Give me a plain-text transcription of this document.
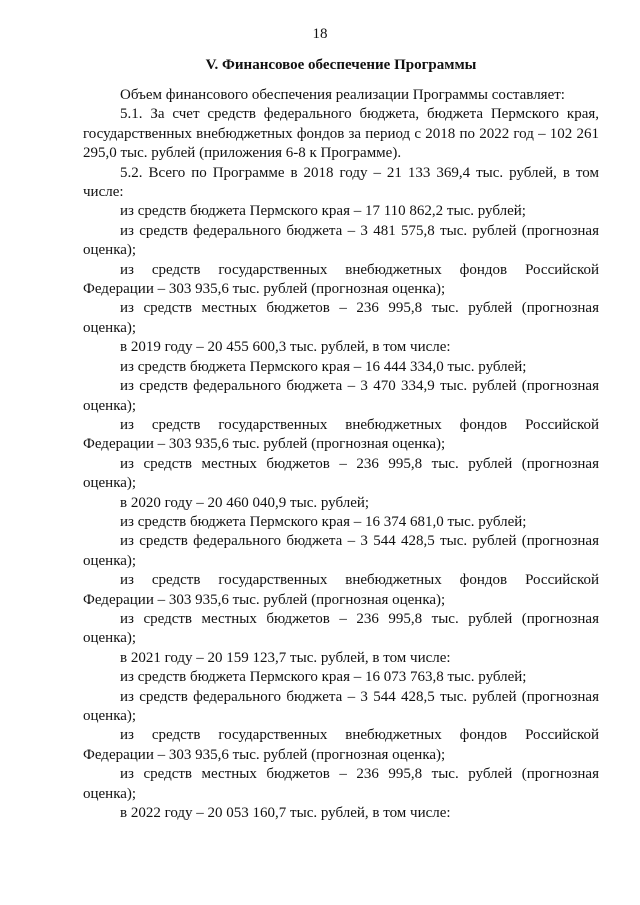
18
V. Финансовое обеспечение Программы

Объем финансового обеспечения реализации Программы составляет:

5.1. За счет средств федерального бюджета, бюджета Пермского края, государственных внебюджетных фондов за период с 2018 по 2022 год – 102 261 295,0 тыс. рублей (приложения 6-8 к Программе).

5.2. Всего по Программе в 2018 году – 21 133 369,4 тыс. рублей, в том числе:

из средств бюджета Пермского края – 17 110 862,2 тыс. рублей;

из средств федерального бюджета – 3 481 575,8 тыс. рублей (прогнозная оценка);

из средств государственных внебюджетных фондов Российской Федерации – 303 935,6 тыс. рублей (прогнозная оценка);

из средств местных бюджетов – 236 995,8 тыс. рублей (прогнозная оценка);

в 2019 году – 20 455 600,3 тыс. рублей, в том числе:

из средств бюджета Пермского края – 16 444 334,0 тыс. рублей;

из средств федерального бюджета – 3 470 334,9 тыс. рублей (прогнозная оценка);

из средств государственных внебюджетных фондов Российской Федерации – 303 935,6 тыс. рублей (прогнозная оценка);

из средств местных бюджетов – 236 995,8 тыс. рублей (прогнозная оценка);

в 2020 году – 20 460 040,9 тыс. рублей;

из средств бюджета Пермского края – 16 374 681,0 тыс. рублей;

из средств федерального бюджета – 3 544 428,5 тыс. рублей (прогнозная оценка);

из средств государственных внебюджетных фондов Российской Федерации – 303 935,6 тыс. рублей (прогнозная оценка);

из средств местных бюджетов – 236 995,8 тыс. рублей (прогнозная оценка);

в 2021 году – 20 159 123,7 тыс. рублей, в том числе:

из средств бюджета Пермского края – 16 073 763,8 тыс. рублей;

из средств федерального бюджета – 3 544 428,5 тыс. рублей (прогнозная оценка);

из средств государственных внебюджетных фондов Российской Федерации – 303 935,6 тыс. рублей (прогнозная оценка);

из средств местных бюджетов – 236 995,8 тыс. рублей (прогнозная оценка);

в 2022 году – 20 053 160,7 тыс. рублей, в том числе:
